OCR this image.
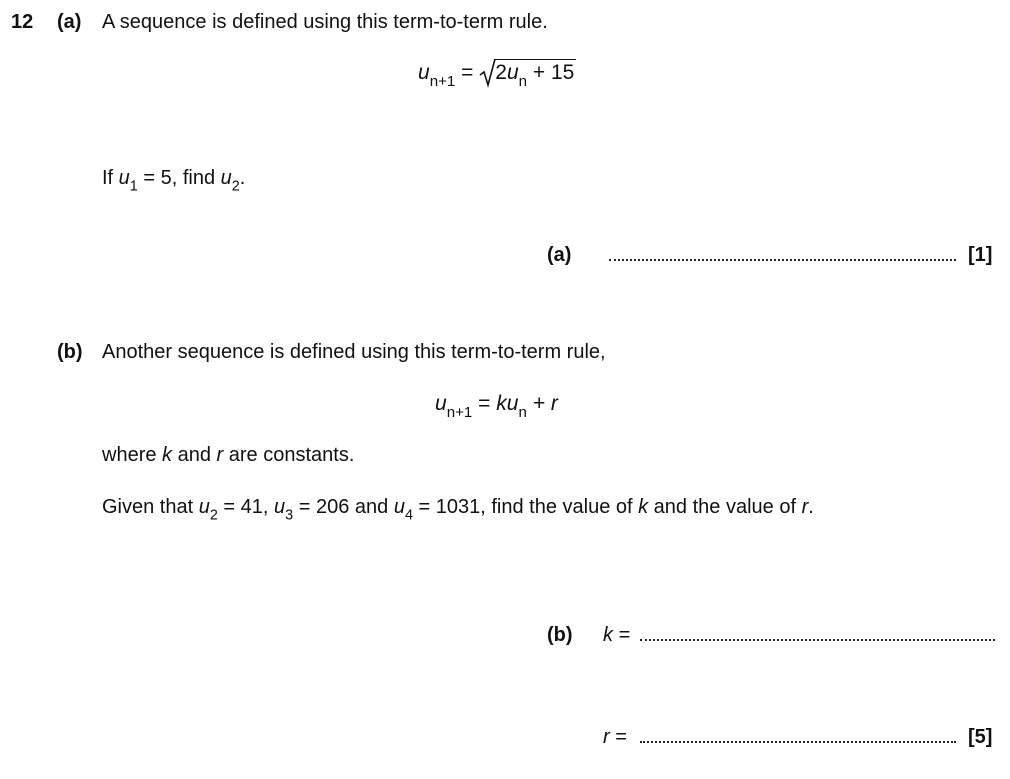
12 (a) A sequence is defined using this term-to-term rule.
$u_{n+1} = 2u_n + 15$
If $u_1 = 5$, find $u_2$.
(a)	[1]
(b) Another sequence is defined using this term-to-term rule,
$u_{n+1} = ku_n + r$
where k and r are constants.
Given that $u_2 = 41$, $u_3 = 206$ and $u_4 = 1031$, find the value of k and the value of r.
(b) k =
r =	[5]
